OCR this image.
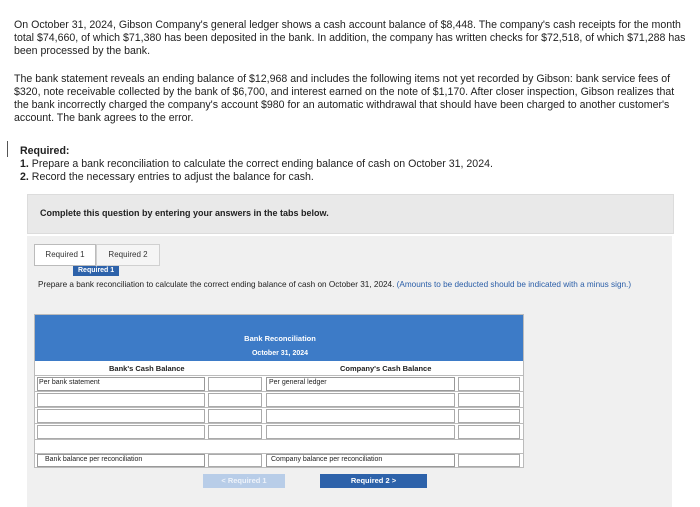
On October 31, 2024, Gibson Company's general ledger shows a cash account balance of $8,448. The company's cash receipts for the month total $74,660, of which $71,380 has been deposited in the bank. In addition, the company has written checks for $72,518, of which $71,288 has been processed by the bank.

The bank statement reveals an ending balance of $12,968 and includes the following items not yet recorded by Gibson: bank service fees of $320, note receivable collected by the bank of $6,700, and interest earned on the note of $1,170. After closer inspection, Gibson realizes that the bank incorrectly charged the company's account $980 for an automatic withdrawal that should have been charged to another customer's account. The bank agrees to the error.

Required:
1. Prepare a bank reconciliation to calculate the correct ending balance of cash on October 31, 2024.
2. Record the necessary entries to adjust the balance for cash.
Complete this question by entering your answers in the tabs below.
Required 1	Required 2
Required 1
Prepare a bank reconciliation to calculate the correct ending balance of cash on October 31, 2024. (Amounts to be deducted should be indicated with a minus sign.)
Bank Reconciliation
October 31, 2024
Bank's Cash Balance	Company's Cash Balance
Per bank statement	Per general ledger
Bank balance per reconciliation	Company balance per reconciliation
< Required 1	Required 2 >
